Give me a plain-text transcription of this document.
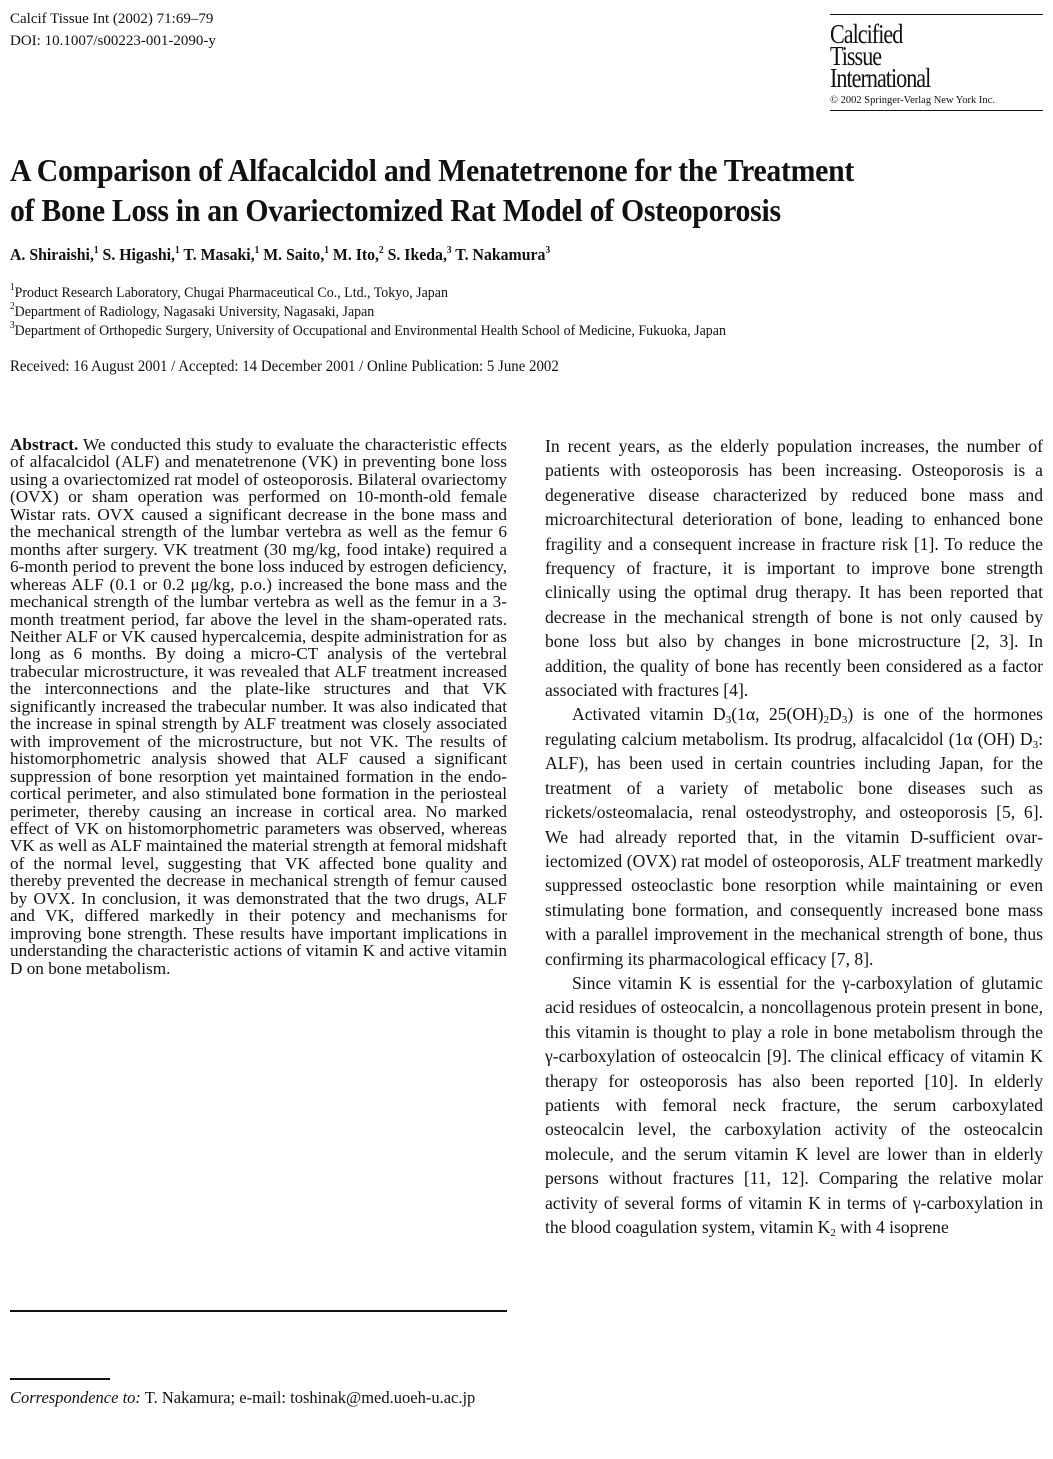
Calcif Tissue Int (2002) 71:69–79
DOI: 10.1007/s00223-001-2090-y	Calcified
Tissue
International
© 2002 Springer-Verlag New York Inc.
A Comparison of Alfacalcidol and Menatetrenone for the Treatment
of Bone Loss in an Ovariectomized Rat Model of Osteoporosis
A. Shiraishi,$^1$ S. Higashi,$^1$ T. Masaki,$^1$ M. Saito,$^1$ M. Ito,$^2$ S. Ikeda,$^3$ T. Nakamura$^3$
$^1$Product Research Laboratory, Chugai Pharmaceutical Co., Ltd., Tokyo, Japan
$^2$Department of Radiology, Nagasaki University, Nagasaki, Japan
$^3$Department of Orthopedic Surgery, University of Occupational and Environmental Health School of Medicine, Fukuoka, Japan
Received: 16 August 2001 / Accepted: 14 December 2001 / Online Publication: 5 June 2002
Abstract. We conducted this study to evaluate the characteristic effects of alfacalcidol (ALF) and menatetrenone (VK) in preventing bone loss using a ovariectomized rat model of osteoporosis. Bilateral ovariectomy (OVX) or sham operation was performed on 10-month-old female Wistar rats. OVX caused a significant decrease in the bone mass and the mechanical strength of the lumbar vertebra as well as the femur 6 months after surgery. VK treatment (30 mg/kg, food intake) required a 6-month period to prevent the bone loss induced by estrogen deficiency, whereas ALF (0.1 or 0.2 μg/kg, p.o.) increased the bone mass and the mechanical strength of the lumbar vertebra as well as the femur in a 3-month treatment period, far above the level in the sham-operated rats. Neither ALF or VK caused hypercalcemia, despite administration for as long as 6 months. By doing a micro-CT analysis of the vertebral trabecular microstructure, it was revealed that ALF treatment increased the interconnections and the plate-like structures and that VK significantly increased the trabecular number. It was also indicated that the increase in spinal strength by ALF treatment was closely associated with improvement of the microstructure, but not VK. The results of histomorphometric analysis showed that ALF caused a significant suppression of bone resorption yet maintained formation in the endocortical perimeter, and also stimulated bone formation in the periosteal perimeter, thereby causing an increase in cortical area. No marked effect of VK on histomorphometric parameters was observed, whereas VK as well as ALF maintained the material strength at femoral midshaft of the normal level, suggesting that VK affected bone quality and thereby prevented the decrease in mechanical strength of femur caused by OVX. In conclusion, it was demonstrated that the two drugs, ALF and VK, differed markedly in their potency and mechanisms for improving bone strength. These results have important implications in understanding the characteristic actions of vitamin K and active vitamin D on bone metabolism.
Correspondence to: T. Nakamura; e-mail: toshinak@med.uoeh-u.ac.jp

In recent years, as the elderly population increases, the number of patients with osteoporosis has been increasing. Osteoporosis is a degenerative disease characterized by reduced bone mass and microarchitectural deterioration of bone, leading to enhanced bone fragility and a consequent increase in fracture risk [1]. To reduce the frequency of fracture, it is important to improve bone strength clinically using the optimal drug therapy. It has been reported that decrease in the mechanical strength of bone is not only caused by bone loss but also by changes in bone microstructure [2, 3]. In addition, the quality of bone has recently been considered as a factor associated with fractures [4].

Activated vitamin $D_3(1\alpha$, $25(OH)_2D_3$) is one of the hormones regulating calcium metabolism. Its prodrug, alfacalcidol (1α (OH) $D_3$: ALF), has been used in certain countries including Japan, for the treatment of a variety of metabolic bone diseases such as rickets/osteomalacia, renal osteodystrophy, and osteoporosis [5, 6]. We had already reported that, in the vitamin D-sufficient ovariectomized (OVX) rat model of osteoporosis, ALF treatment markedly suppressed osteoclastic bone resorption while maintaining or even stimulating bone formation, and consequently increased bone mass with a parallel improvement in the mechanical strength of bone, thus confirming its pharmacological efficacy [7, 8].

Since vitamin K is essential for the γ-carboxylation of glutamic acid residues of osteocalcin, a noncollagenous protein present in bone, this vitamin is thought to play a role in bone metabolism through the γ-carboxylation of osteocalcin [9]. The clinical efficacy of vitamin K therapy for osteoporosis has also been reported [10]. In elderly patients with femoral neck fracture, the serum carboxylated osteocalcin level, the carboxylation activity of the osteocalcin molecule, and the serum vitamin K level are lower than in elderly persons without fractures [11, 12]. Comparing the relative molar activity of several forms of vitamin K in terms of γ-carboxylation in the blood coagulation system, vitamin $K_2$ with 4 isoprene
